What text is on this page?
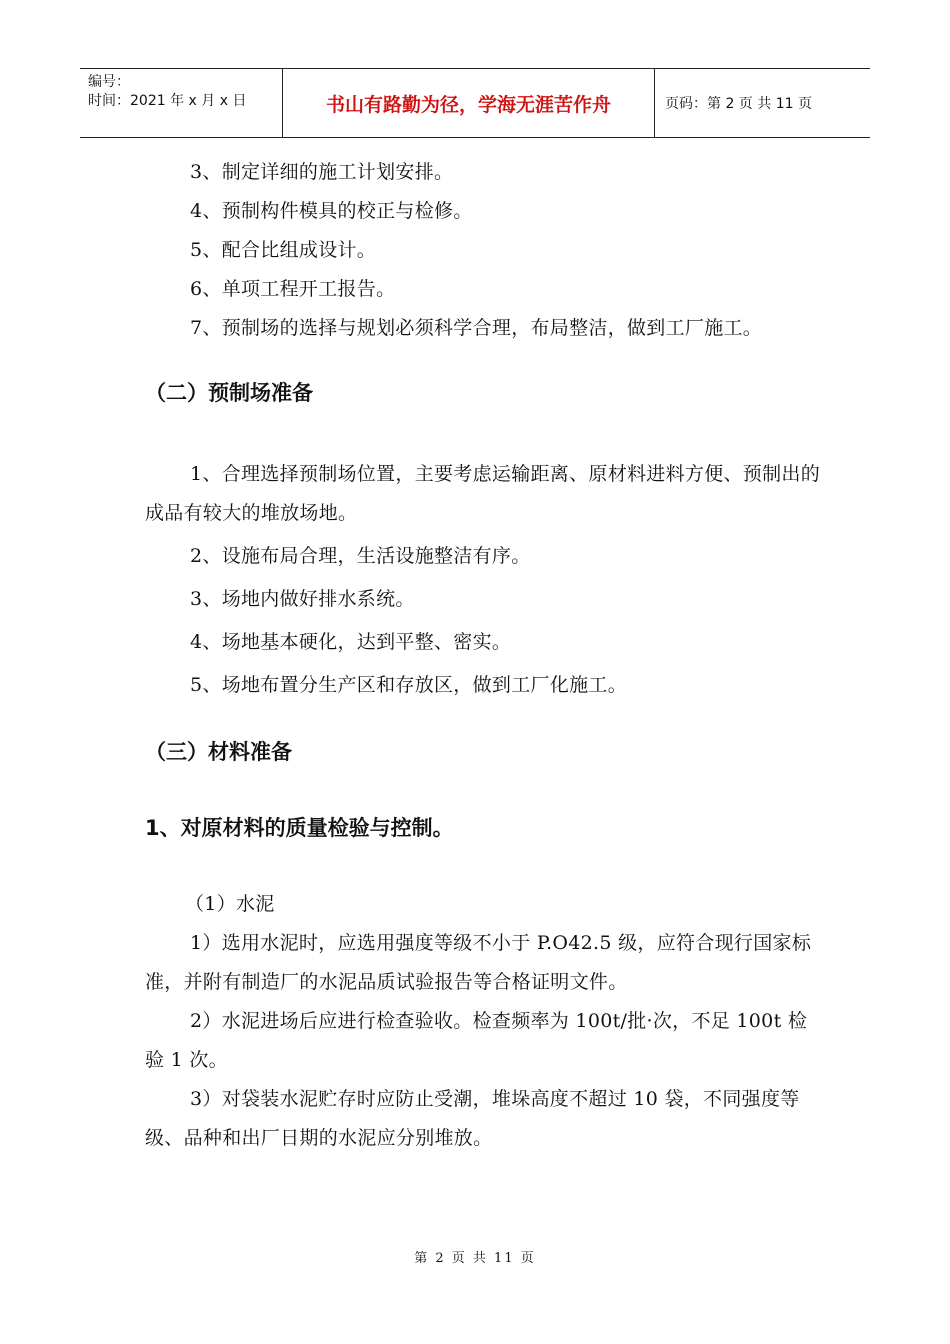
编号：
时间：2021 年 x 月 x 日	书山有路勤为径，学海无涯苦作舟	页码：第 2 页 共 11 页

3、制定详细的施工计划安排。

4、预制构件模具的校正与检修。

5、配合比组成设计。

6、单项工程开工报告。

7、预制场的选择与规划必须科学合理，布局整洁，做到工厂施工。

（二）预制场准备

1、合理选择预制场位置，主要考虑运输距离、原材料进料方便、预制出的成品有较大的堆放场地。

2、设施布局合理，生活设施整洁有序。

3、场地内做好排水系统。

4、场地基本硬化，达到平整、密实。

5、场地布置分生产区和存放区，做到工厂化施工。

（三）材料准备
1、对原材料的质量检验与控制。

（1）水泥

1）选用水泥时，应选用强度等级不小于 P.O42.5 级，应符合现行国家标准，并附有制造厂的水泥品质试验报告等合格证明文件。

2）水泥进场后应进行检查验收。检查频率为 100t/批·次，不足 100t 检验 1 次。

3）对袋装水泥贮存时应防止受潮，堆垛高度不超过 10 袋，不同强度等级、品种和出厂日期的水泥应分别堆放。

第 2 页 共 11 页
